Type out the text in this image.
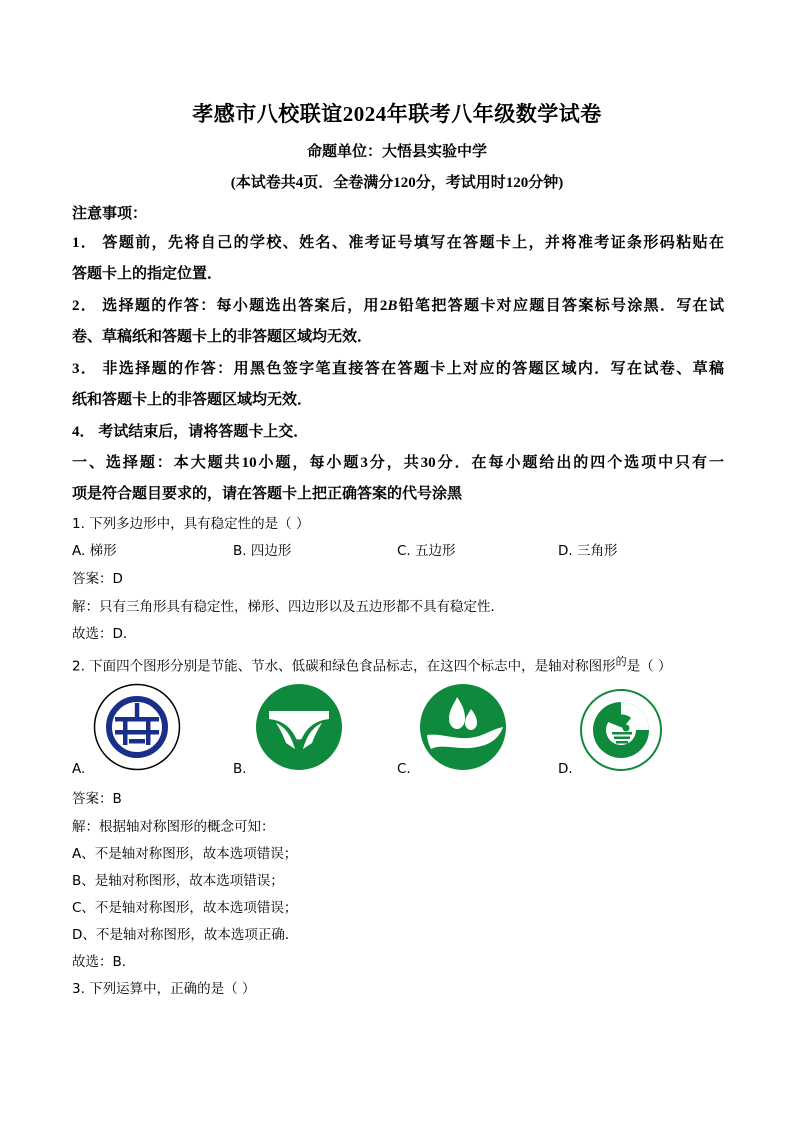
孝感市八校联谊2024年联考八年级数学试卷
命题单位：大悟县实验中学
(本试卷共4页．全卷满分120分，考试用时120分钟)
注意事项：
1． 答题前，先将自己的学校、姓名、准考证号填写在答题卡上，并将准考证条形码粘贴在
答题卡上的指定位置．
2． 选择题的作答：每小题选出答案后，用2B铅笔把答题卡对应题目答案标号涂黑．写在试
卷、草稿纸和答题卡上的非答题区域均无效．
3． 非选择题的作答：用黑色签字笔直接答在答题卡上对应的答题区域内．写在试卷、草稿
纸和答题卡上的非答题区域均无效．
4． 考试结束后，请将答题卡上交．
一、选择题：本大题共10小题，每小题3分，共30分．在每小题给出的四个选项中只有一
项是符合题目要求的，请在答题卡上把正确答案的代号涂黑
1. 下列多边形中，具有稳定性的是（ ）
A. 梯形	B. 四边形	C. 五边形	D. 三角形
答案：D
解：只有三角形具有稳定性，梯形、四边形以及五边形都不具有稳定性．
故选：D．
2. 下面四个图形分别是节能、节水、低碳和绿色食品标志，在这四个标志中，是轴对称图形$^的$是（ ）
A.	B.	C.	D.
答案：B
解：根据轴对称图形的概念可知：
A、不是轴对称图形，故本选项错误；
B、是轴对称图形，故本选项错误；
C、不是轴对称图形，故本选项错误；
D、不是轴对称图形，故本选项正确．
故选：B．
3. 下列运算中，正确的是（ ）
